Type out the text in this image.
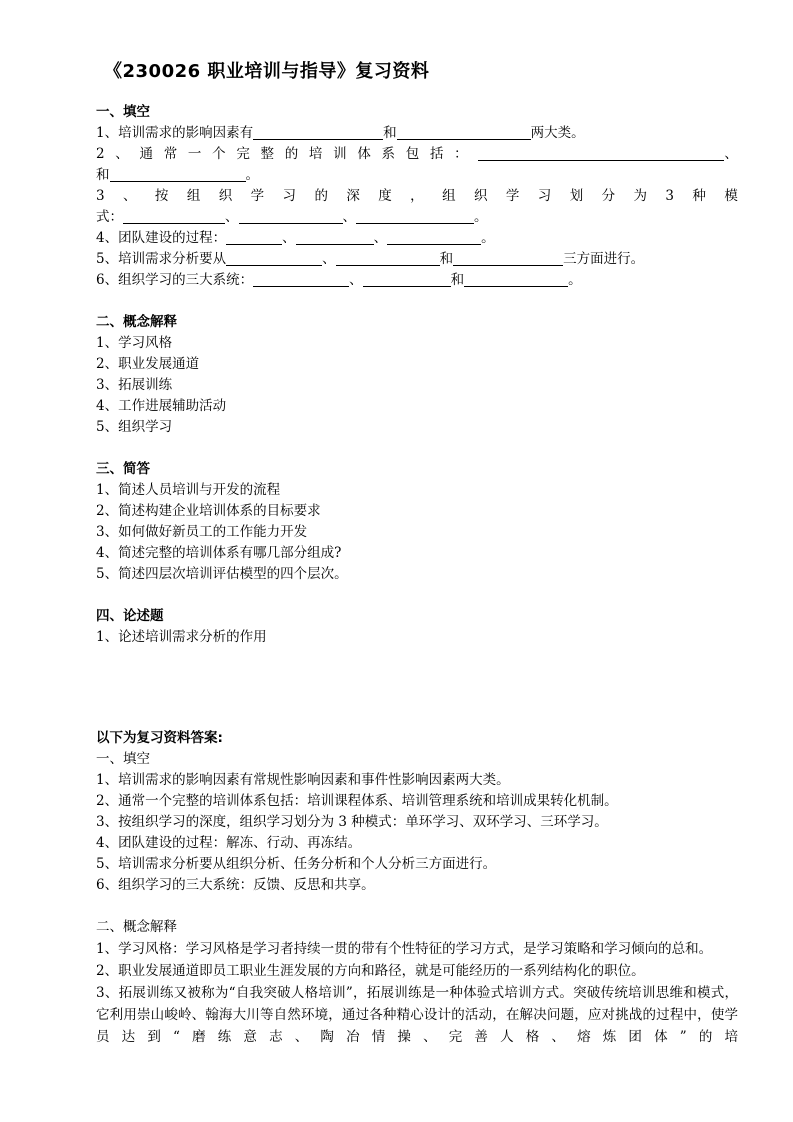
《230026 职业培训与指导》复习资料
一、填空
1、培训需求的影响因素有	和	两大类。
2 、 通 常 一 个 完 整 的 培 训 体 系 包 括 ：	、
和	。
3 、 按 组 织 学 习 的 深 度 ， 组 织 学 习 划 分 为 3 种 模
式：	、	、	。
4、团队建设的过程：	、	、	。
5、培训需求分析要从	、	和	三方面进行。
6、组织学习的三大系统：	、	和	。
二、概念解释
1、学习风格
2、职业发展通道
3、拓展训练
4、工作进展辅助活动
5、组织学习
三、简答
1、简述人员培训与开发的流程
2、简述构建企业培训体系的目标要求
3、如何做好新员工的工作能力开发
4、简述完整的培训体系有哪几部分组成?
5、简述四层次培训评估模型的四个层次。
四、论述题
1、论述培训需求分析的作用
以下为复习资料答案:
一、填空
1、培训需求的影响因素有常规性影响因素和事件性影响因素两大类。
2、通常一个完整的培训体系包括：培训课程体系、培训管理系统和培训成果转化机制。
3、按组织学习的深度，组织学习划分为 3 种模式：单环学习、双环学习、三环学习。
4、团队建设的过程：解冻、行动、再冻结。
5、培训需求分析要从组织分析、任务分析和个人分析三方面进行。
6、组织学习的三大系统：反馈、反思和共享。
二、概念解释
1、学习风格：学习风格是学习者持续一贯的带有个性特征的学习方式，是学习策略和学习倾向的总和。
2、职业发展通道即员工职业生涯发展的方向和路径，就是可能经历的一系列结构化的职位。
3、拓展训练又被称为“自我突破人格培训”，拓展训练是一种体验式培训方式。突破传统培训思维和模式，它利用崇山峻岭、翰海大川等自然环境，通过各种精心设计的活动，在解决问题，应对挑战的过程中，使学员达到“磨练意志、陶冶情操、完善人格、熔炼团体”的培
